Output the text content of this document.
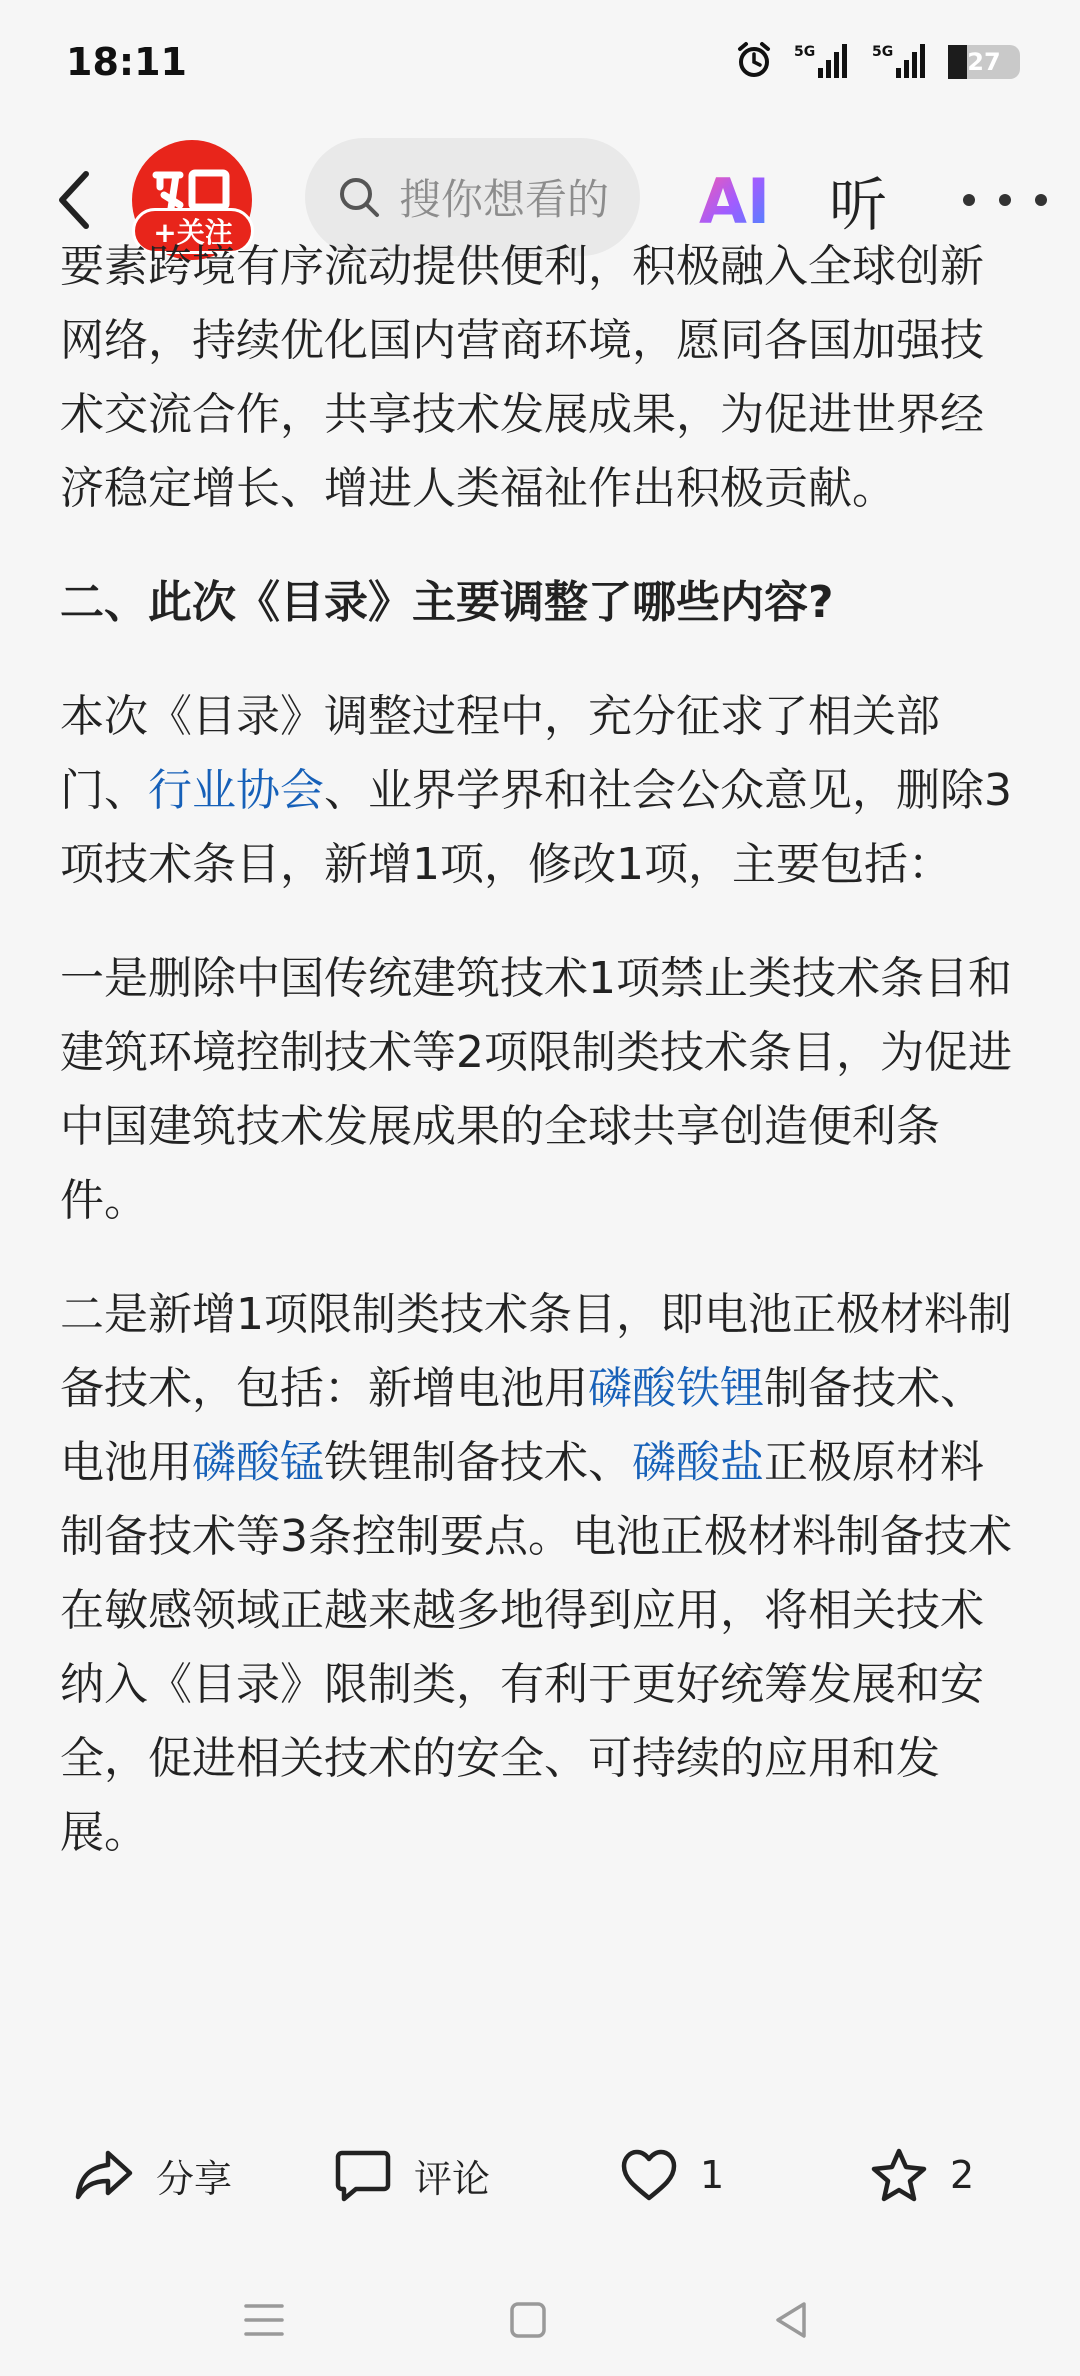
18:11	5G	5G	27
+关注
搜你想看的 AI 听

要素跨境有序流动提供便利，积极融入全球创新网络，持续优化国内营商环境，愿同各国加强技术交流合作，共享技术发展成果，为促进世界经济稳定增长、增进人类福祉作出积极贡献。

二、此次《目录》主要调整了哪些内容?

本次《目录》调整过程中，充分征求了相关部门、行业协会、业界学界和社会公众意见，删除3项技术条目，新增1项，修改1项，主要包括：

一是删除中国传统建筑技术1项禁止类技术条目和建筑环境控制技术等2项限制类技术条目，为促进中国建筑技术发展成果的全球共享创造便利条件。

二是新增1项限制类技术条目，即电池正极材料制备技术，包括：新增电池用磷酸铁锂制备技术、电池用磷酸锰铁锂制备技术、磷酸盐正极原材料制备技术等3条控制要点。电池正极材料制备技术在敏感领域正越来越多地得到应用，将相关技术纳入《目录》限制类，有利于更好统筹发展和安全，促进相关技术的安全、可持续的应用和发展。

分享	评论	1	2
